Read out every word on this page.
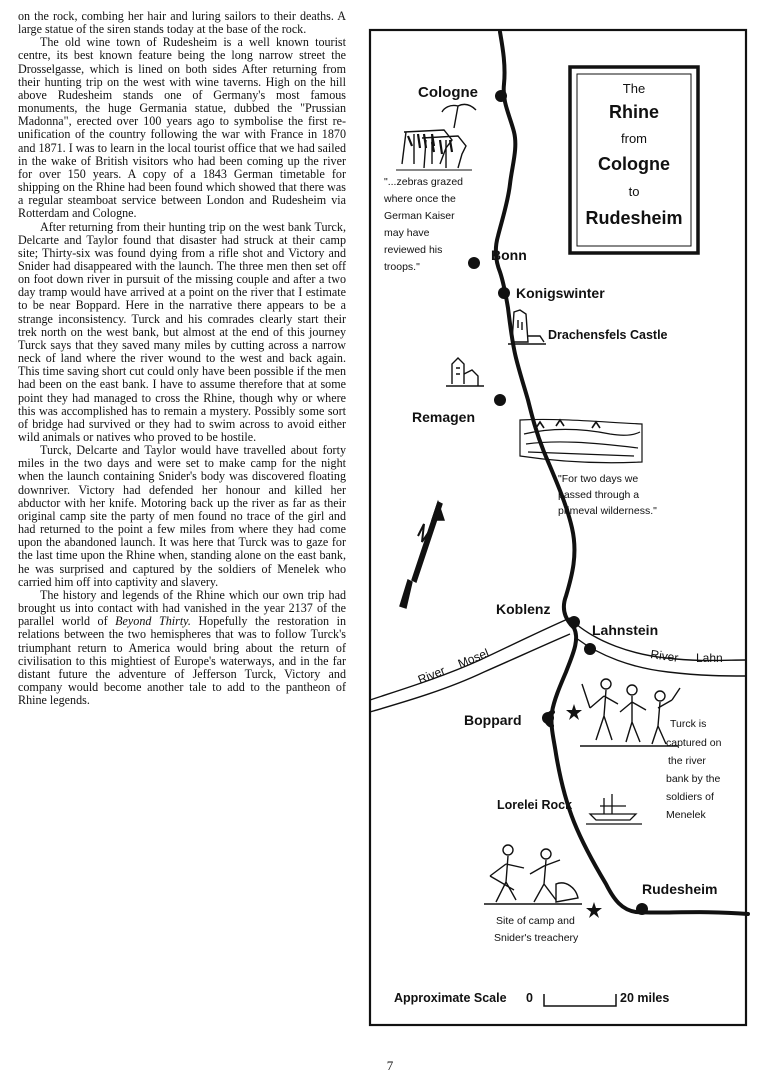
on the rock, combing her hair and luring sailors to their deaths. A large statue of the siren stands today at the base of the rock.

The old wine town of Rudesheim is a well known tourist centre, its best known feature being the long narrow street the Drosselgasse, which is lined on both sides After returning from their hunting trip on the west with wine taverns. High on the hill above Rudesheim stands one of Germany's most famous monuments, the huge Germania statue, dubbed the "Prussian Madonna", erected over 100 years ago to symbolise the first re-unification of the country following the war with France in 1870 and 1871. I was to learn in the local tourist office that we had sailed in the wake of British visitors who had been coming up the river for over 150 years. A copy of a 1843 German timetable for shipping on the Rhine had been found which showed that there was a regular steamboat service between London and Rudesheim via Rotterdam and Cologne.

After returning from their hunting trip on the west bank Turck, Delcarte and Taylor found that disaster had struck at their camp site; Thirty-six was found dying from a rifle shot and Victory and Snider had disappeared with the launch. The three men then set off on foot down river in pursuit of the missing couple and after a two day tramp would have arrived at a point on the river that I estimate to be near Boppard. Here in the narrative there appears to be a strange inconsistency. Turck and his comrades clearly start their trek north on the west bank, but almost at the end of this journey Turck says that they saved many miles by cutting across a narrow neck of land where the river wound to the west and back again. This time saving short cut could only have been possible if the men had been on the east bank. I have to assume therefore that at some point they had managed to cross the Rhine, though why or where this was accomplished has to remain a mystery. Possibly some sort of bridge had survived or they had to swim across to avoid either wild animals or natives who proved to be hostile.

Turck, Delcarte and Taylor would have travelled about forty miles in the two days and were set to make camp for the night when the launch containing Snider's body was discovered floating downriver. Victory had defended her honour and killed her abductor with her knife. Motoring back up the river as far as their original camp site the party of men found no trace of the girl and had returned to the point a few miles from where they had come upon the abandoned launch. It was here that Turck was to gaze for the last time upon the Rhine when, standing alone on the east bank, he was surprised and captured by the soldiers of Menelek who carried him off into captivity and slavery.

The history and legends of the Rhine which our own trip had brought us into contact with had vanished in the year 2137 of the parallel world of Beyond Thirty. Hopefully the restoration in relations between the two hemispheres that was to follow Turck's triumphant return to America would bring about the return of civilisation to this mightiest of Europe's waterways, and in the far distant future the adventure of Jefferson Turck, Victory and company would become another tale to add to the pantheon of Rhine legends.

The
Rhine
from
Cologne
to
Rudesheim
River
Mosel	River Lahn
Cologne
Bonn
Konigswinter
Remagen
Koblenz
Lahnstein
Boppard
Lorelei Rock
Rudesheim
Drachensfels Castle
"...zebras grazed
where once the
German Kaiser
may have
reviewed his
troops."
"For two days we
passed through a
primeval wilderness."
Turck is
captured on
the river
bank by the
soldiers of
Menelek
Site of camp and
Snider's treachery
Approximate Scale 0	20 miles
7
